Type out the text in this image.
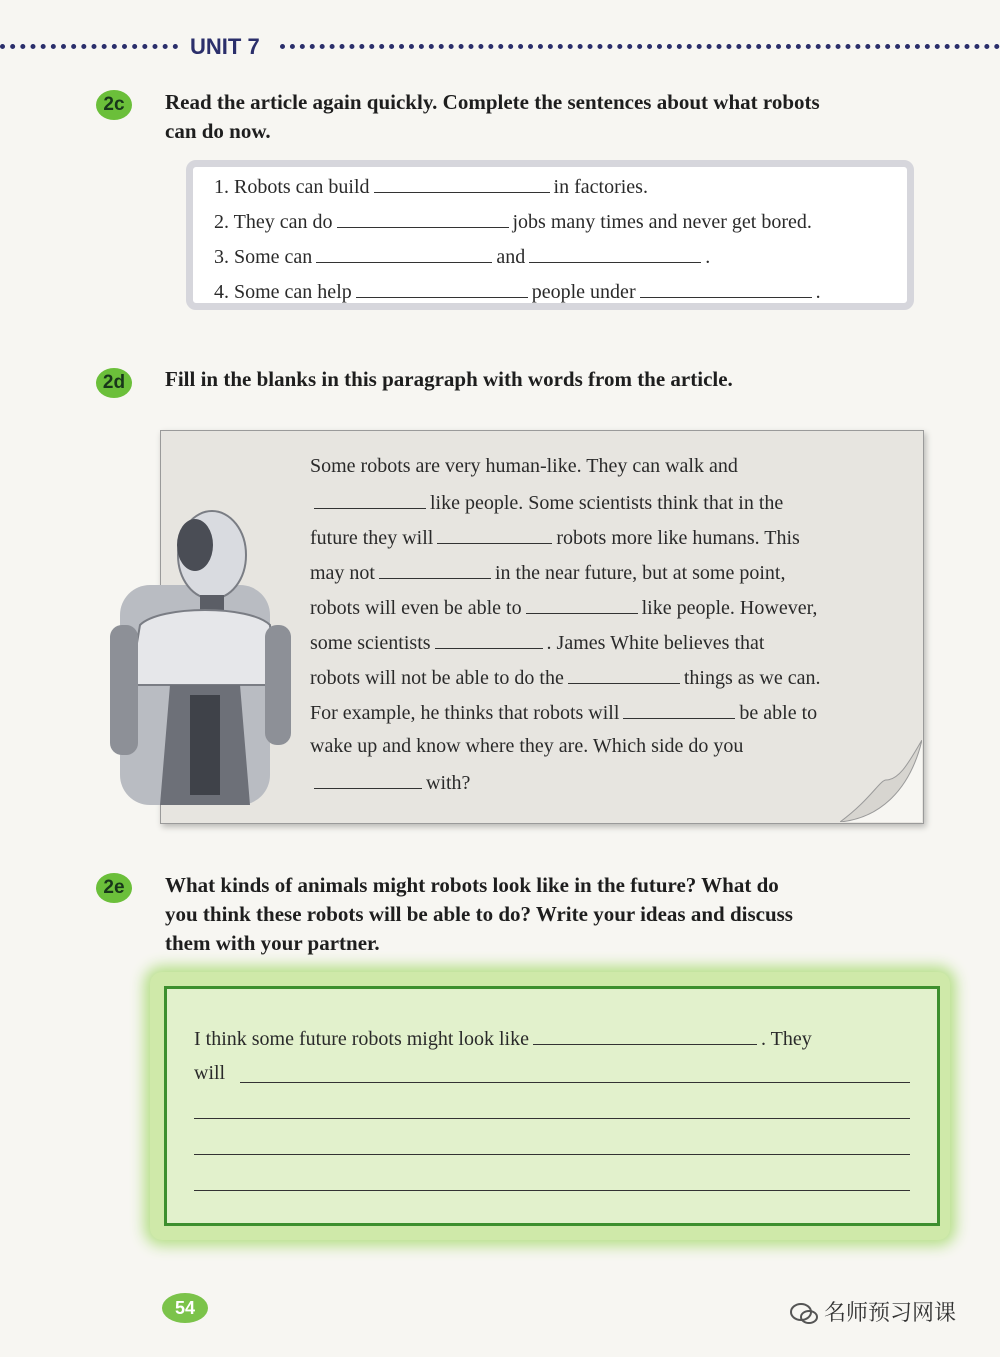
UNIT 7
2c	Read the article again quickly. Complete the sentences about what robots
can do now.
1. Robots can build	in factories.
2. They can do	jobs many times and never get bored.
3. Some can	and	.
4. Some can help	people under	.
2d	Fill in the blanks in this paragraph with words from the article.
Some robots are very human-like. They can walk and
like people. Some scientists think that in the
future they will	robots more like humans. This
may not	in the near future, but at some point,
robots will even be able to	like people. However,
some scientists	. James White believes that
robots will not be able to do the	things as we can.
For example, he thinks that robots will	be able to
wake up and know where they are. Which side do you
with?
2e	What kinds of animals might robots look like in the future? What do
you think these robots will be able to do? Write your ideas and discuss
them with your partner.
I think some future robots might look like	. They
will
54	名师预习网课
